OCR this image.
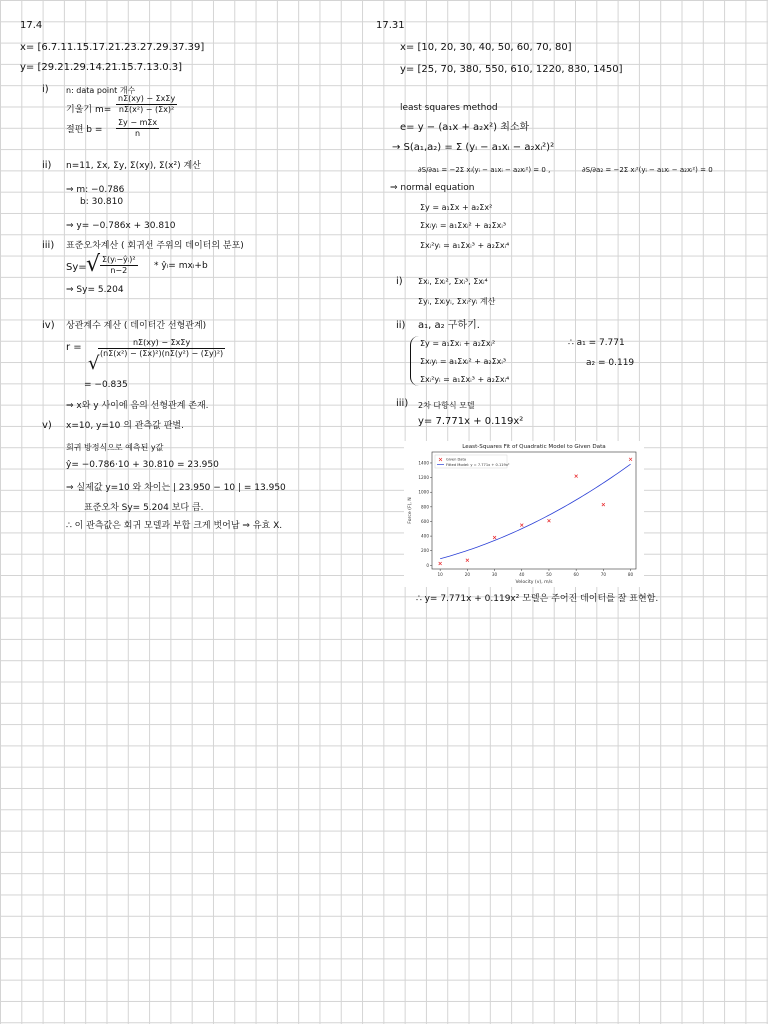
17.4
x= [6.7.11.15.17.21.23.27.29.37.39]
y= [29.21.29.14.21.15.7.13.0.3]
i) n: data point 개수
기울기 m=
nΣ(xy) − ΣxΣy
nΣ(x²) − (Σx)²
절편 b =
Σy − mΣx
n
ii) n=11, Σx, Σy, Σ(xy), Σ(x²) 계산
⇒ m: −0.786
b: 30.810
⇒ y= −0.786x + 30.810
iii) 표준오차계산 ( 회귀선 주위의 데이터의 분포)
Sy= √ $\frac{\text{Σ(yᵢ−ŷᵢ)²}}{n-2}$ * ŷᵢ= mxᵢ+b
⇒ Sy= 5.204
iv) 상관계수 계산 ( 데이터간 선형관계)
r =
√
nΣ(xy) − ΣxΣy
(nΣ(x²) − (Σx)²)(nΣ(y²) − (Σy)²)
= −0.835
⇒ x와 y 사이에 음의 선형관계 존재.
v) x=10, y=10 의 관측값 판별.
회귀 방정식으로 예측된 y값
ŷ= −0.786·10 + 30.810 = 23.950
⇒ 실제값 y=10 와 차이는 | 23.950 − 10 | = 13.950
표준오차 Sy= 5.204 보다 큼.
∴ 이 관측값은 회귀 모델과 부합 크게 벗어남 ⇒ 유효 X.
17.31
x= [10, 20, 30, 40, 50, 60, 70, 80]
y= [25, 70, 380, 550, 610, 1220, 830, 1450]
least squares method
e= y − (a₁x + a₂x²) 최소화
→ S(a₁,a₂) = Σ (yᵢ − a₁xᵢ − a₂xᵢ²)²
∂S/∂a₁ = −2Σ xᵢ(yᵢ − a₁xᵢ − a₂xᵢ²) = 0 ,	∂S/∂a₂ = −2Σ xᵢ²(yᵢ − a₁xᵢ − a₂xᵢ²) = 0
⇒ normal equation
Σy = a₁Σx + a₂Σx²
Σxᵢyᵢ = a₁Σxᵢ² + a₂Σxᵢ³
Σxᵢ²yᵢ = a₁Σxᵢ³ + a₂Σxᵢ⁴
i) Σxᵢ, Σxᵢ², Σxᵢ³, Σxᵢ⁴
Σyᵢ, Σxᵢyᵢ, Σxᵢ²yᵢ 계산
ii) a₁, a₂ 구하기.
Σy = a₁Σxᵢ + a₂Σxᵢ²
Σxᵢyᵢ = a₁Σxᵢ² + a₂Σxᵢ³
Σxᵢ²yᵢ = a₁Σxᵢ³ + a₂Σxᵢ⁴
∴ a₁ = 7.771
a₂ = 0.119
iii) 2차 다항식 모델
y= 7.771x + 0.119x²
Least-Squares Fit of Quadratic Model to Given Data
10	20	30	40	50	60	70	80
0
200
400
600
800
1000
1200
1400
Velocity (v), m/s
Force (F), N
Given Data
Fitted Model: y = 7.771x + 0.119x²
∴ y= 7.771x + 0.119x² 모델은 주어진 데이터를 잘 표현함.
